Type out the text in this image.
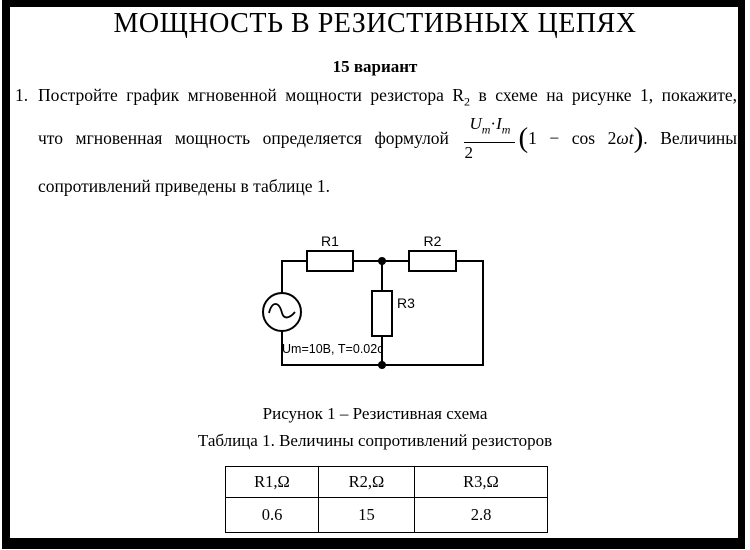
МОЩНОСТЬ В РЕЗИСТИВНЫХ ЦЕПЯХ
15 вариант
1. Постройте график мгновенной мощности резистора $R_2$ в схеме на рисунке 1, покажите,
что мгновенная мощность определяется формулой $\frac{U_m\cdot I_m}{2} (1 - \cos 2\omega t)$. Величины
сопротивлений приведены в таблице 1.
R1	R2
R3
Um=10В, T=0.02с
Рисунок 1 – Резистивная схема
Таблица 1. Величины сопротивлений резисторов
R1,Ω	R2,Ω	R3,Ω
0.6	15	2.8
